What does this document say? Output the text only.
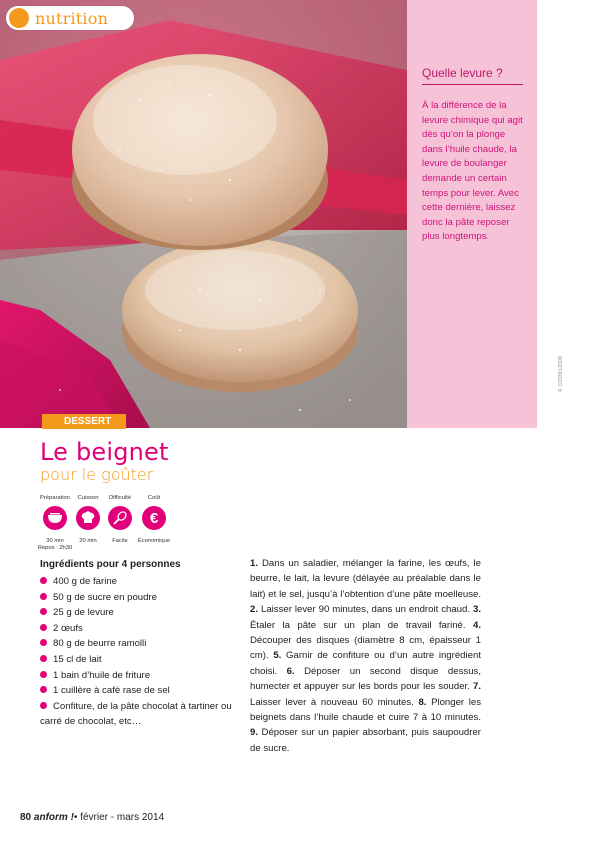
nutrition
Quelle levure ?
À la différence de la levure chimique qui agit dès qu’on la plonge dans l’huile chaude, la levure de boulanger demande un certain temps pour lever. Avec cette dernière, laissez donc la pâte reposer plus longtemps.
© COOKLOOK
DESSERT
Le beignet
pour le goûter
Préparation
30 min
Repos : 2h30
Cuisson
20 min
Difficulté
Facile
Coût
€
Économique
Ingrédients pour 4 personnes
400 g de farine
50 g de sucre en poudre
25 g de levure
2 œufs
80 g de beurre ramolli
15 cl de lait
1 bain d’huile de friture
1 cuillère à café rase de sel
Confiture, de la pâte chocolat à tartiner ou carré de chocolat, etc…
1. Dans un saladier, mélanger la farine, les œufs, le beurre, le lait, la levure (délayée au préalable dans le lait) et le sel, jusqu’à l’obtention d’une pâte moelleuse. 2. Laisser lever 90 minutes, dans un endroit chaud. 3. Étaler la pâte sur un plan de travail fariné. 4. Découper des disques (diamètre 8 cm, épaisseur 1 cm). 5. Garnir de confiture ou d’un autre ingrédient choisi. 6. Déposer un second disque dessus, humecter et appuyer sur les bords pour les souder. 7. Laisser lever à nouveau 60 minutes. 8. Plonger les beignets dans l’huile chaude et cuire 7 à 10 minutes. 9. Déposer sur un papier absorbant, puis saupoudrer de sucre.
80 anform !• février - mars 2014
